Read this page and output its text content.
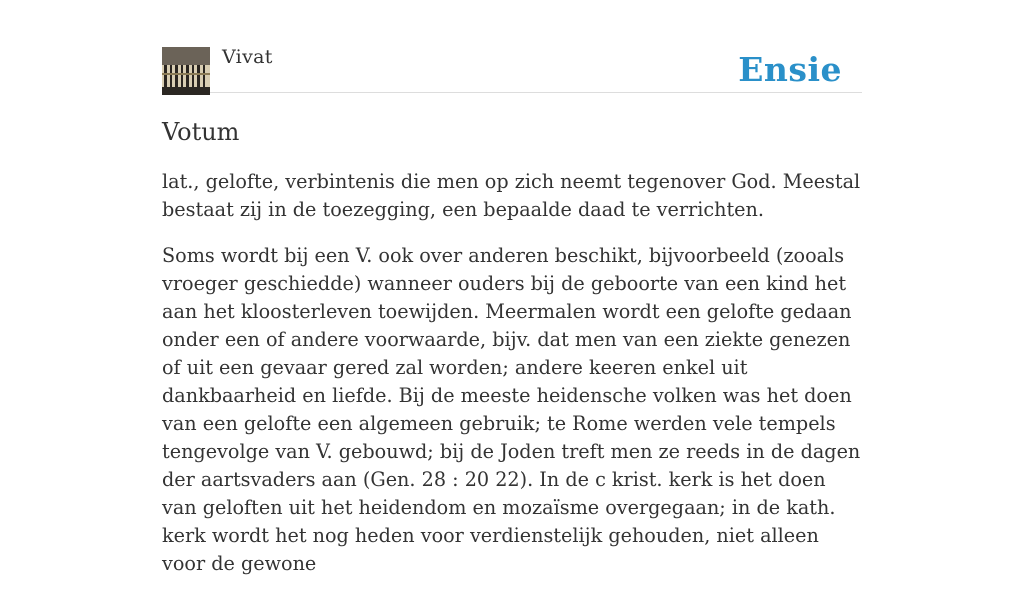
Vivat	Ensie
Votum

lat., gelofte, verbintenis die men op zich neemt tegenover God. Meestal bestaat zij in de toezegging, een bepaalde daad te verrichten.

Soms wordt bij een V. ook over anderen beschikt, bijvoorbeeld (zooals vroeger geschiedde) wanneer ouders bij de geboorte van een kind het aan het kloosterleven toewijden. Meermalen wordt een gelofte gedaan onder een of andere voorwaarde, bijv. dat men van een ziekte genezen of uit een gevaar gered zal worden; andere keeren enkel uit dankbaarheid en liefde. Bij de meeste heidensche volken was het doen van een gelofte een algemeen gebruik; te Rome werden vele tempels tengevolge van V. gebouwd; bij de Joden treft men ze reeds in de dagen der aartsvaders aan (Gen. 28 : 20 22). In de c krist. kerk is het doen van geloften uit het heidendom en mozaïsme overgegaan; in de kath. kerk wordt het nog heden voor verdienstelijk gehouden, niet alleen voor de gewone
